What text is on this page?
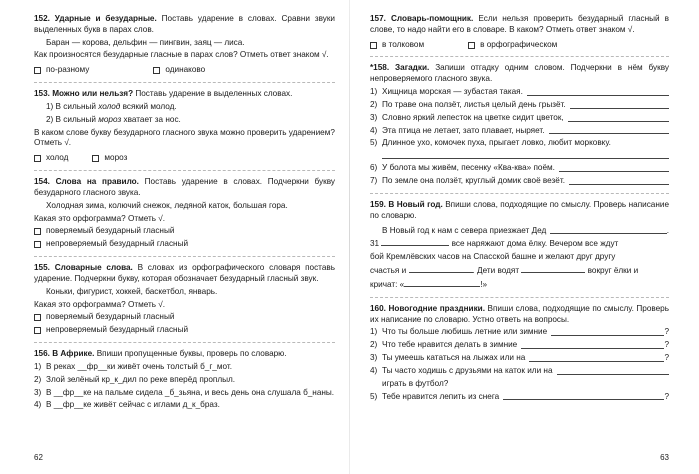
152. Ударные и безударные. Поставь ударение в словах. Сравни звуки выделенных букв в парах слов.
Баран — корова, дельфин — пингвин, заяц — лиса.
Как произносятся безударные гласные в парах слов? Отметь ответ знаком √.
по-разному	одинаково
153. Можно или нельзя? Поставь ударение в выделенных словах.
1) В сильный холод всякий молод.
2) В сильный мороз хватает за нос.
В каком слове букву безударного гласного звука можно проверить ударением? Отметь √.
холод	мороз
154. Слова на правило. Поставь ударение в словах. Подчеркни букву безударного гласного звука.
Холодная зима, колючий снежок, ледяной каток, большая гора.
Какая это орфограмма? Отметь √.
поверяемый безударный гласный
непроверяемый безударный гласный
155. Словарные слова. В словах из орфографического словаря поставь ударение. Подчеркни букву, которая обозначает безударный гласный звук.
Коньки, фигурист, хоккей, баскетбол, январь.
Какая это орфограмма? Отметь √.
поверяемый безударный гласный
непроверяемый безударный гласный
156. В Африке. Впиши пропущенные буквы, проверь по словарю.
1) В реках __фр__ки живёт очень толстый б_г_мот.
2) Злой зелёный кр_к_дил по реке вперёд проплыл.
3) В __фр__ке на пальме сидела _б_зьяна, и весь день она слушала б_наны.
4) В __фр__ке живёт сейчас с иглами д_к_браз.
62
157. Словарь-помощник. Если нельзя проверить безударный гласный в слове, то надо найти его в словаре. В каком? Отметь ответ знаком √.
в толковом	в орфографическом
*158. Загадки. Запиши отгадку одним словом. Подчеркни в нём букву непроверяемого гласного звука.
1) Хищница морская — зубастая такая.
2) По траве она ползёт, листья целый день грызёт.
3) Словно яркий лепесток на цветке сидит цветок,
4) Эта птица не летает, зато плавает, ныряет.
5) Длинное ухо, комочек пуха, прыгает ловко, любит морковку.
6) У болота мы живём, песенку «Ква-ква» поём.
7) По земле она ползёт, круглый домик своё везёт.
159. В Новый год. Впиши слова, подходящие по смыслу. Проверь написание по словарю.
В Новый год к нам с севера приезжает Дед	.
31	все наряжают дома ёлку. Вечером все ждут
бой Кремлёвских часов на Спасской башне и желают друг другу
счастья и	. Дети водят	вокруг ёлки и
кричат: «	!»
160. Новогодние праздники. Впиши слова, подходящие по смыслу. Проверь их написание по словарю. Устно ответь на вопросы.
1) Что ты больше любишь летние или зимние	?
2) Что тебе нравится делать в зимние	?
3) Ты умеешь кататься на лыжах или на	?
4) Ты часто ходишь с друзьями на каток или на
играть в футбол?
5) Тебе нравится лепить из снега	?
63
